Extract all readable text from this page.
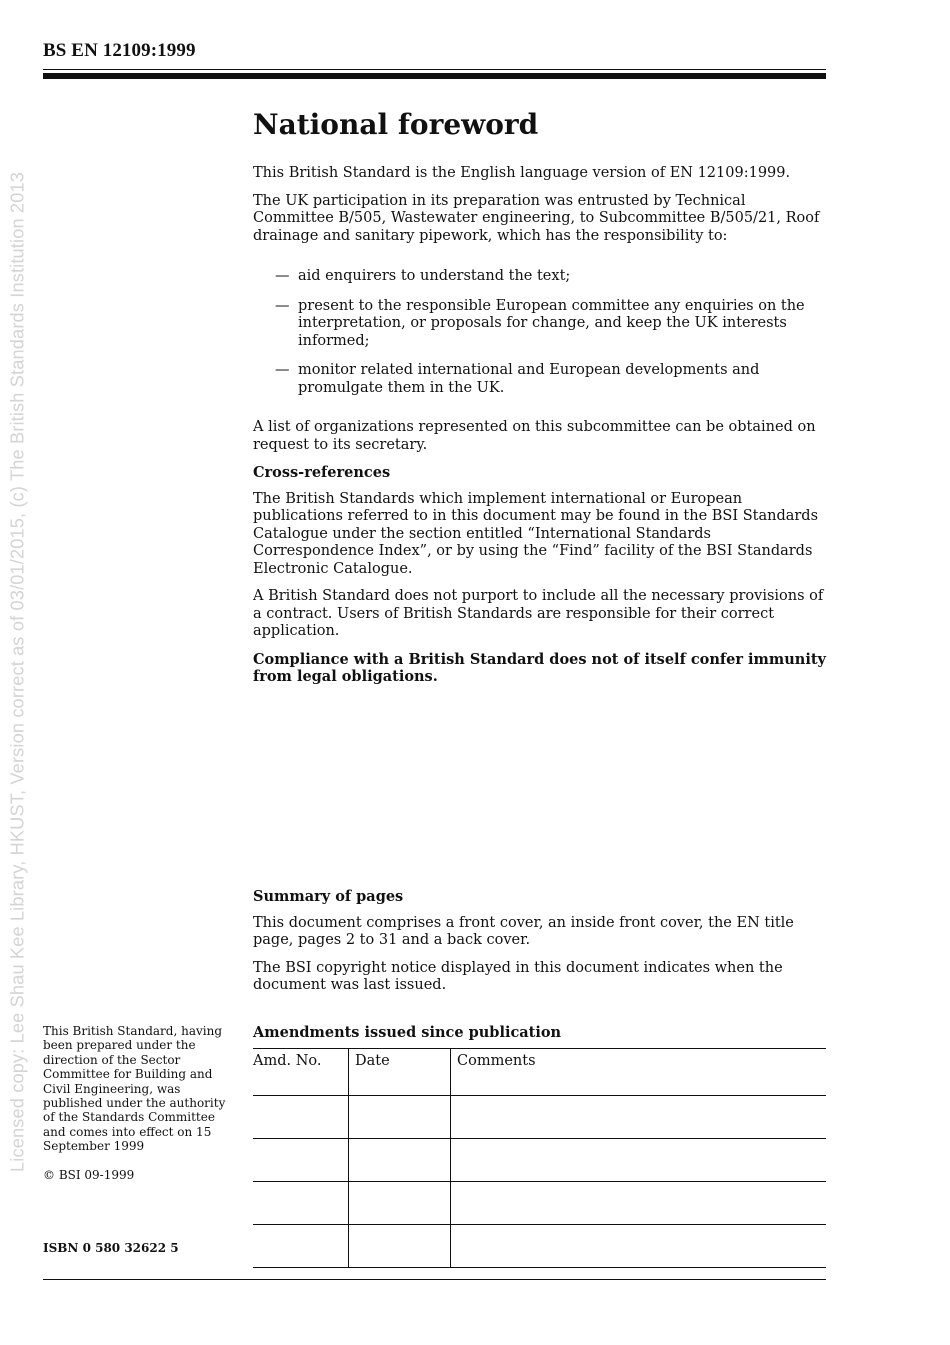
BS EN 12109:1999
Licensed copy: Lee Shau Kee Library, HKUST, Version correct as of 03/01/2015, (c) The British Standards Institution 2013
National foreword

This British Standard is the English language version of EN 12109:1999.

The UK participation in its preparation was entrusted by Technical Committee B/505, Wastewater engineering, to Subcommittee B/505/21, Roof drainage and sanitary pipework, which has the responsibility to:

— aid enquirers to understand the text;
— present to the responsible European committee any enquiries on the interpretation, or proposals for change, and keep the UK interests informed;
— monitor related international and European developments and promulgate them in the UK.

A list of organizations represented on this subcommittee can be obtained on request to its secretary.

Cross-references

The British Standards which implement international or European publications referred to in this document may be found in the BSI Standards Catalogue under the section entitled “International Standards Correspondence Index”, or by using the “Find” facility of the BSI Standards Electronic Catalogue.

A British Standard does not purport to include all the necessary provisions of a contract. Users of British Standards are responsible for their correct application.

Compliance with a British Standard does not of itself confer immunity from legal obligations.

Summary of pages

This document comprises a front cover, an inside front cover, the EN title page, pages 2 to 31 and a back cover.

The BSI copyright notice displayed in this document indicates when the document was last issued.

Amendments issued since publication
Amd. No.	Date	Comments

This British Standard, having been prepared under the direction of the Sector Committee for Building and Civil Engineering, was published under the authority of the Standards Committee and comes into effect on 15 September 1999
© BSI 09-1999
ISBN 0 580 32622 5
